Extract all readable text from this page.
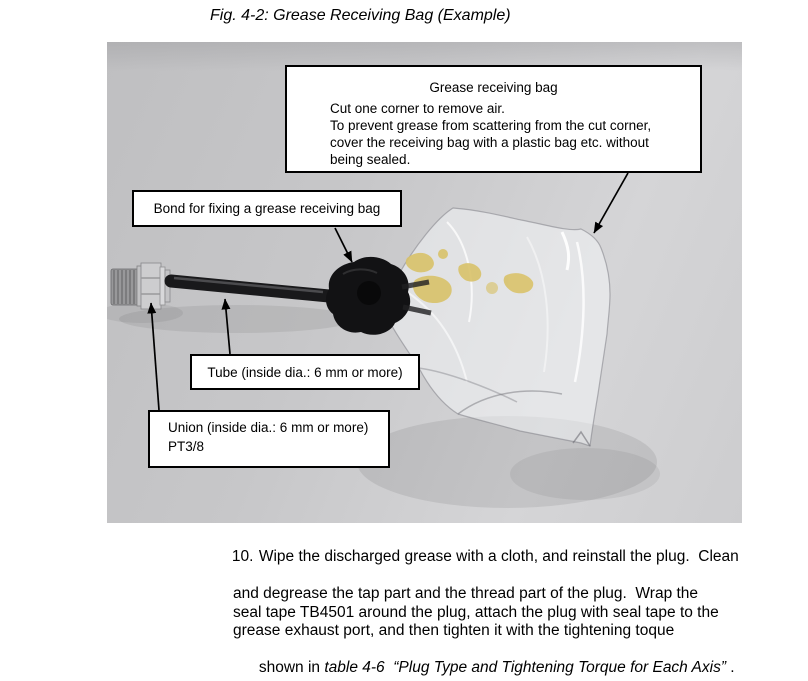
Fig. 4-2: Grease Receiving Bag (Example)
Grease receiving bag
Cut one corner to remove air.
To prevent grease from scattering from the cut corner,
cover the receiving bag with a plastic bag etc. without
being sealed.
Bond for fixing a grease receiving bag
Tube (inside dia.: 6 mm or more)
Union (inside dia.: 6 mm or more)
PT3/8

10. Wipe the discharged grease with a cloth, and reinstall the plug.  Clean

and degrease the tap part and the thread part of the plug.  Wrap the
seal tape TB4501 around the plug, attach the plug with seal tape to the
grease exhaust port, and then tighten it with the tightening toque

shown in table 4-6  “Plug Type and Tightening Torque for Each Axis” .
